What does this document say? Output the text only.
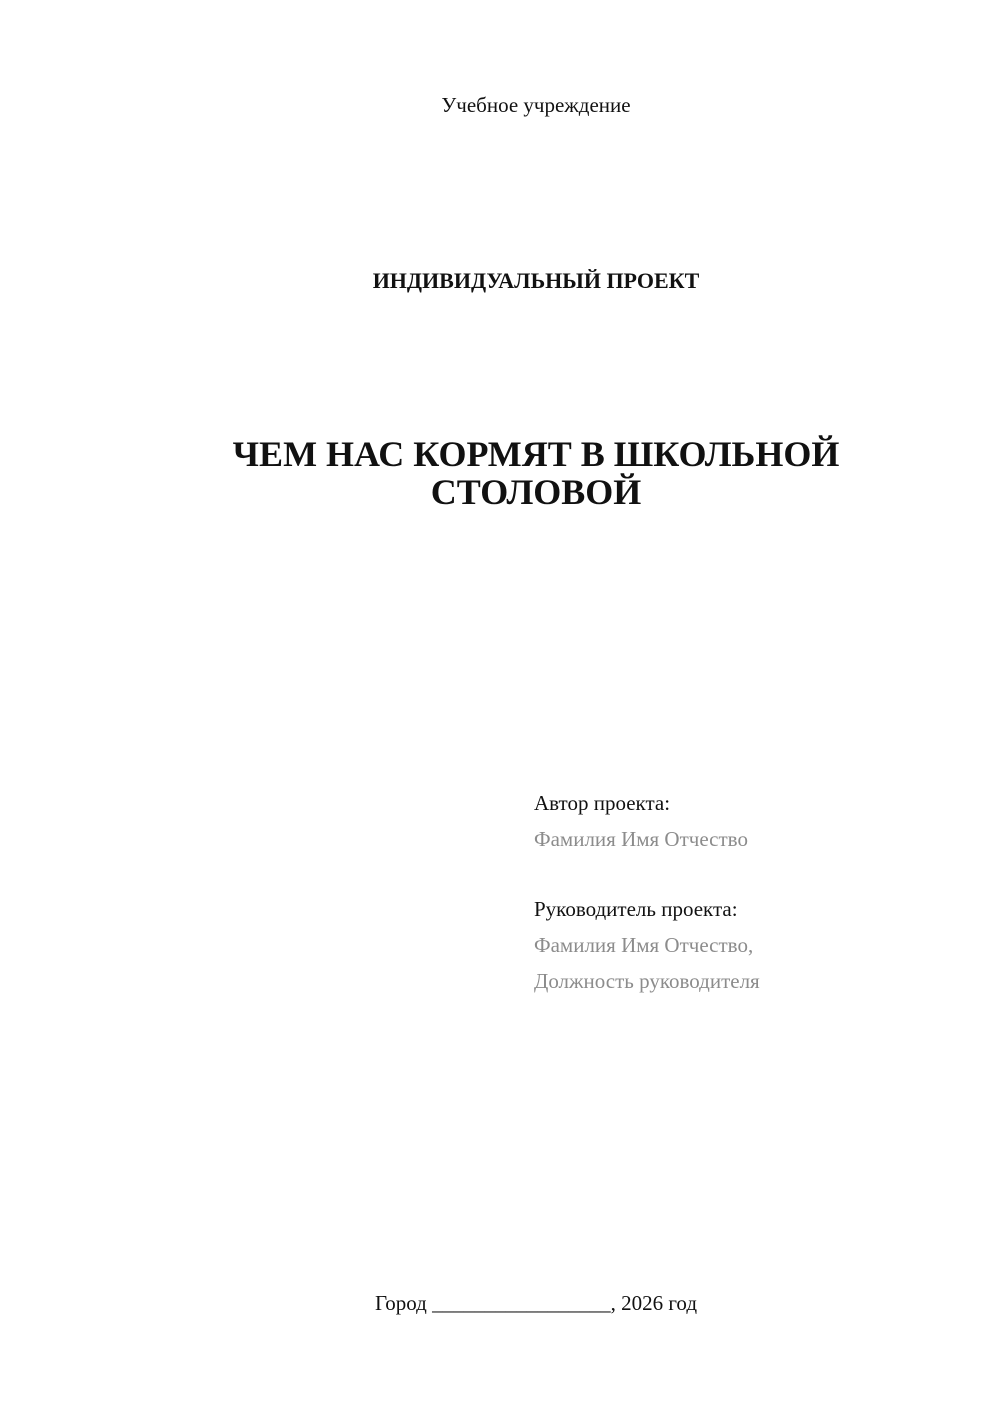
Учебное учреждение
ИНДИВИДУАЛЬНЫЙ ПРОЕКТ
ЧЕМ НАС КОРМЯТ В ШКОЛЬНОЙ
СТОЛОВОЙ
Автор проекта:
Фамилия Имя Отчество
Руководитель проекта:
Фамилия Имя Отчество,
Должность руководителя
Город _________________, 2026 год
